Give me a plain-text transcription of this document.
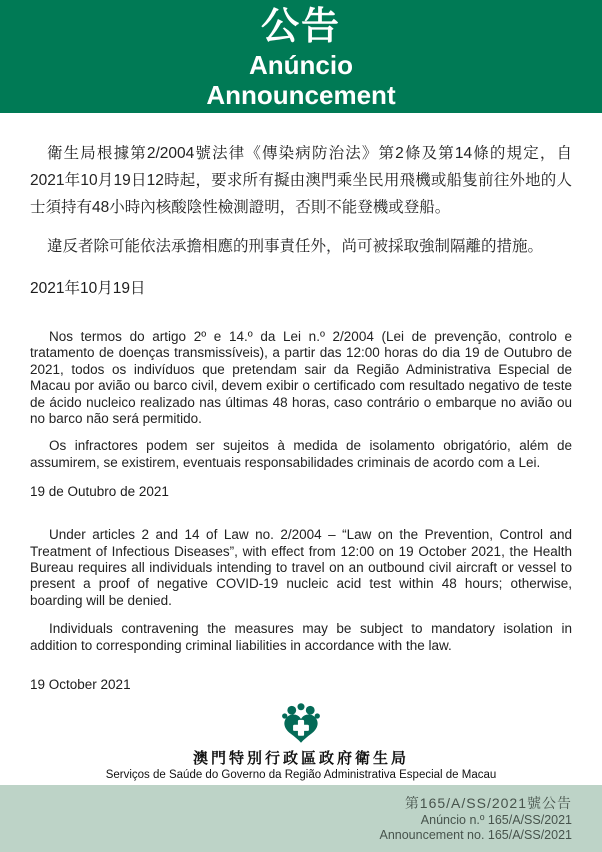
公告
Anúncio
Announcement

衛生局根據第2/2004號法律《傳染病防治法》第2條及第14條的規定，自2021年10月19日12時起，要求所有擬由澳門乘坐民用飛機或船隻前往外地的人士須持有48小時內核酸陰性檢測證明，否則不能登機或登船。

違反者除可能依法承擔相應的刑事責任外，尚可被採取強制隔離的措施。

2021年10月19日

Nos termos do artigo 2º e 14.º da Lei n.º 2/2004 (Lei de prevenção, controlo e tratamento de doenças transmissíveis), a partir das 12:00 horas do dia 19 de Outubro de 2021, todos os indivíduos que pretendam sair da Região Administrativa Especial de Macau por avião ou barco civil, devem exibir o certificado com resultado negativo de teste de ácido nucleico realizado nas últimas 48 horas, caso contrário o embarque no avião ou no barco não será permitido.

Os infractores podem ser sujeitos à medida de isolamento obrigatório, além de assumirem, se existirem, eventuais responsabilidades criminais de acordo com a Lei.

19 de Outubro de 2021

Under articles 2 and 14 of Law no. 2/2004 – “Law on the Prevention, Control and Treatment of Infectious Diseases”, with effect from 12:00 on 19 October 2021, the Health Bureau requires all individuals intending to travel on an outbound civil aircraft or vessel to present a proof of negative COVID-19 nucleic acid test within 48 hours; otherwise, boarding will be denied.

Individuals contravening the measures may be subject to mandatory isolation in addition to corresponding criminal liabilities in accordance with the law.

19 October 2021

澳門特別行政區政府衛生局
Serviços de Saúde do Governo da Região Administrativa Especial de Macau
第165/A/SS/2021號公告
Anúncio n.º 165/A/SS/2021
Announcement no. 165/A/SS/2021
